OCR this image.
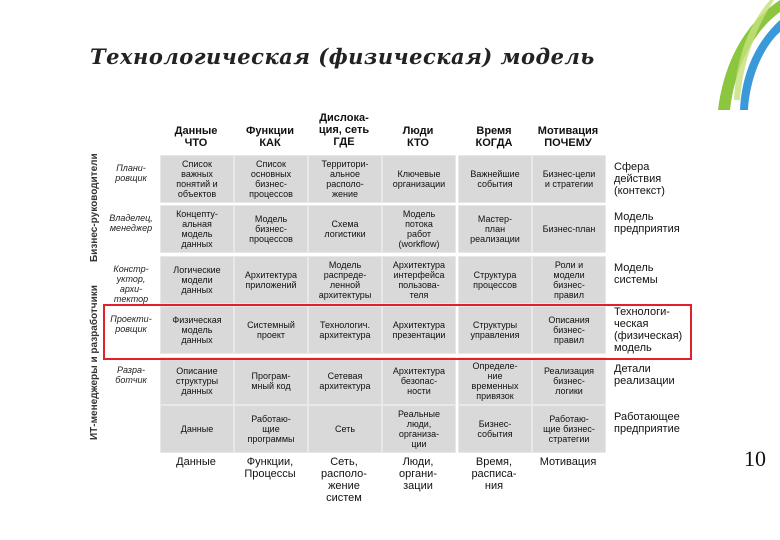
Технологическая (физическая) модель
Бизнес-руководители
ИТ-менеджеры и разработчики
Данные
ЧТО
Функции
КАК
Дислока-
ция, сеть
ГДЕ
Люди
КТО
Время
КОГДА
Мотивация
ПОЧЕМУ
Плани-
ровщик
Список
важных
понятий и
объектов
Список
основных
бизнес-
процессов
Территори-
альное
располо-
жение
Ключевые
организации
Важнейшие
события
Бизнес-цели
и стратегии
Сфера
действия
(контекст)
Владелец,
менеджер
Концепту-
альная
модель
данных
Модель
бизнес-
процессов
Схема
логистики
Модель
потока
работ
(workflow)
Мастер-
план
реализации
Бизнес-план
Модель
предприятия
Констр-
уктор,
архи-
тектор
Логические
модели
данных
Архитектура
приложений
Модель
распреде-
ленной
архитектуры
Архитектура
интерфейса
пользова-
теля
Структура
процессов
Роли и
модели
бизнес-
правил
Модель
системы
Проекти-
ровщик
Физическая
модель
данных
Системный
проект
Технологич.
архитектура
Архитектура
презентации
Структуры
управления
Описания
бизнес-
правил
Технологи-
ческая
(физическая)
модель
Разра-
ботчик
Описание
структуры
данных
Програм-
мный код
Сетевая
архитектура
Архитектура
безопас-
ности
Определе-
ние
временных
привязок
Реализация
бизнес-
логики
Детали
реализации
Данные
Работаю-
щие
программы
Сеть
Реальные
люди,
организа-
ции
Бизнес-
события
Работаю-
щие бизнес-
стратегии
Работающее
предприятие
Данные	Функции,
Процессы
Сеть,
располо-
жение
систем
Люди,
органи-
зации
Время,
расписа-
ния
Мотивация	10
